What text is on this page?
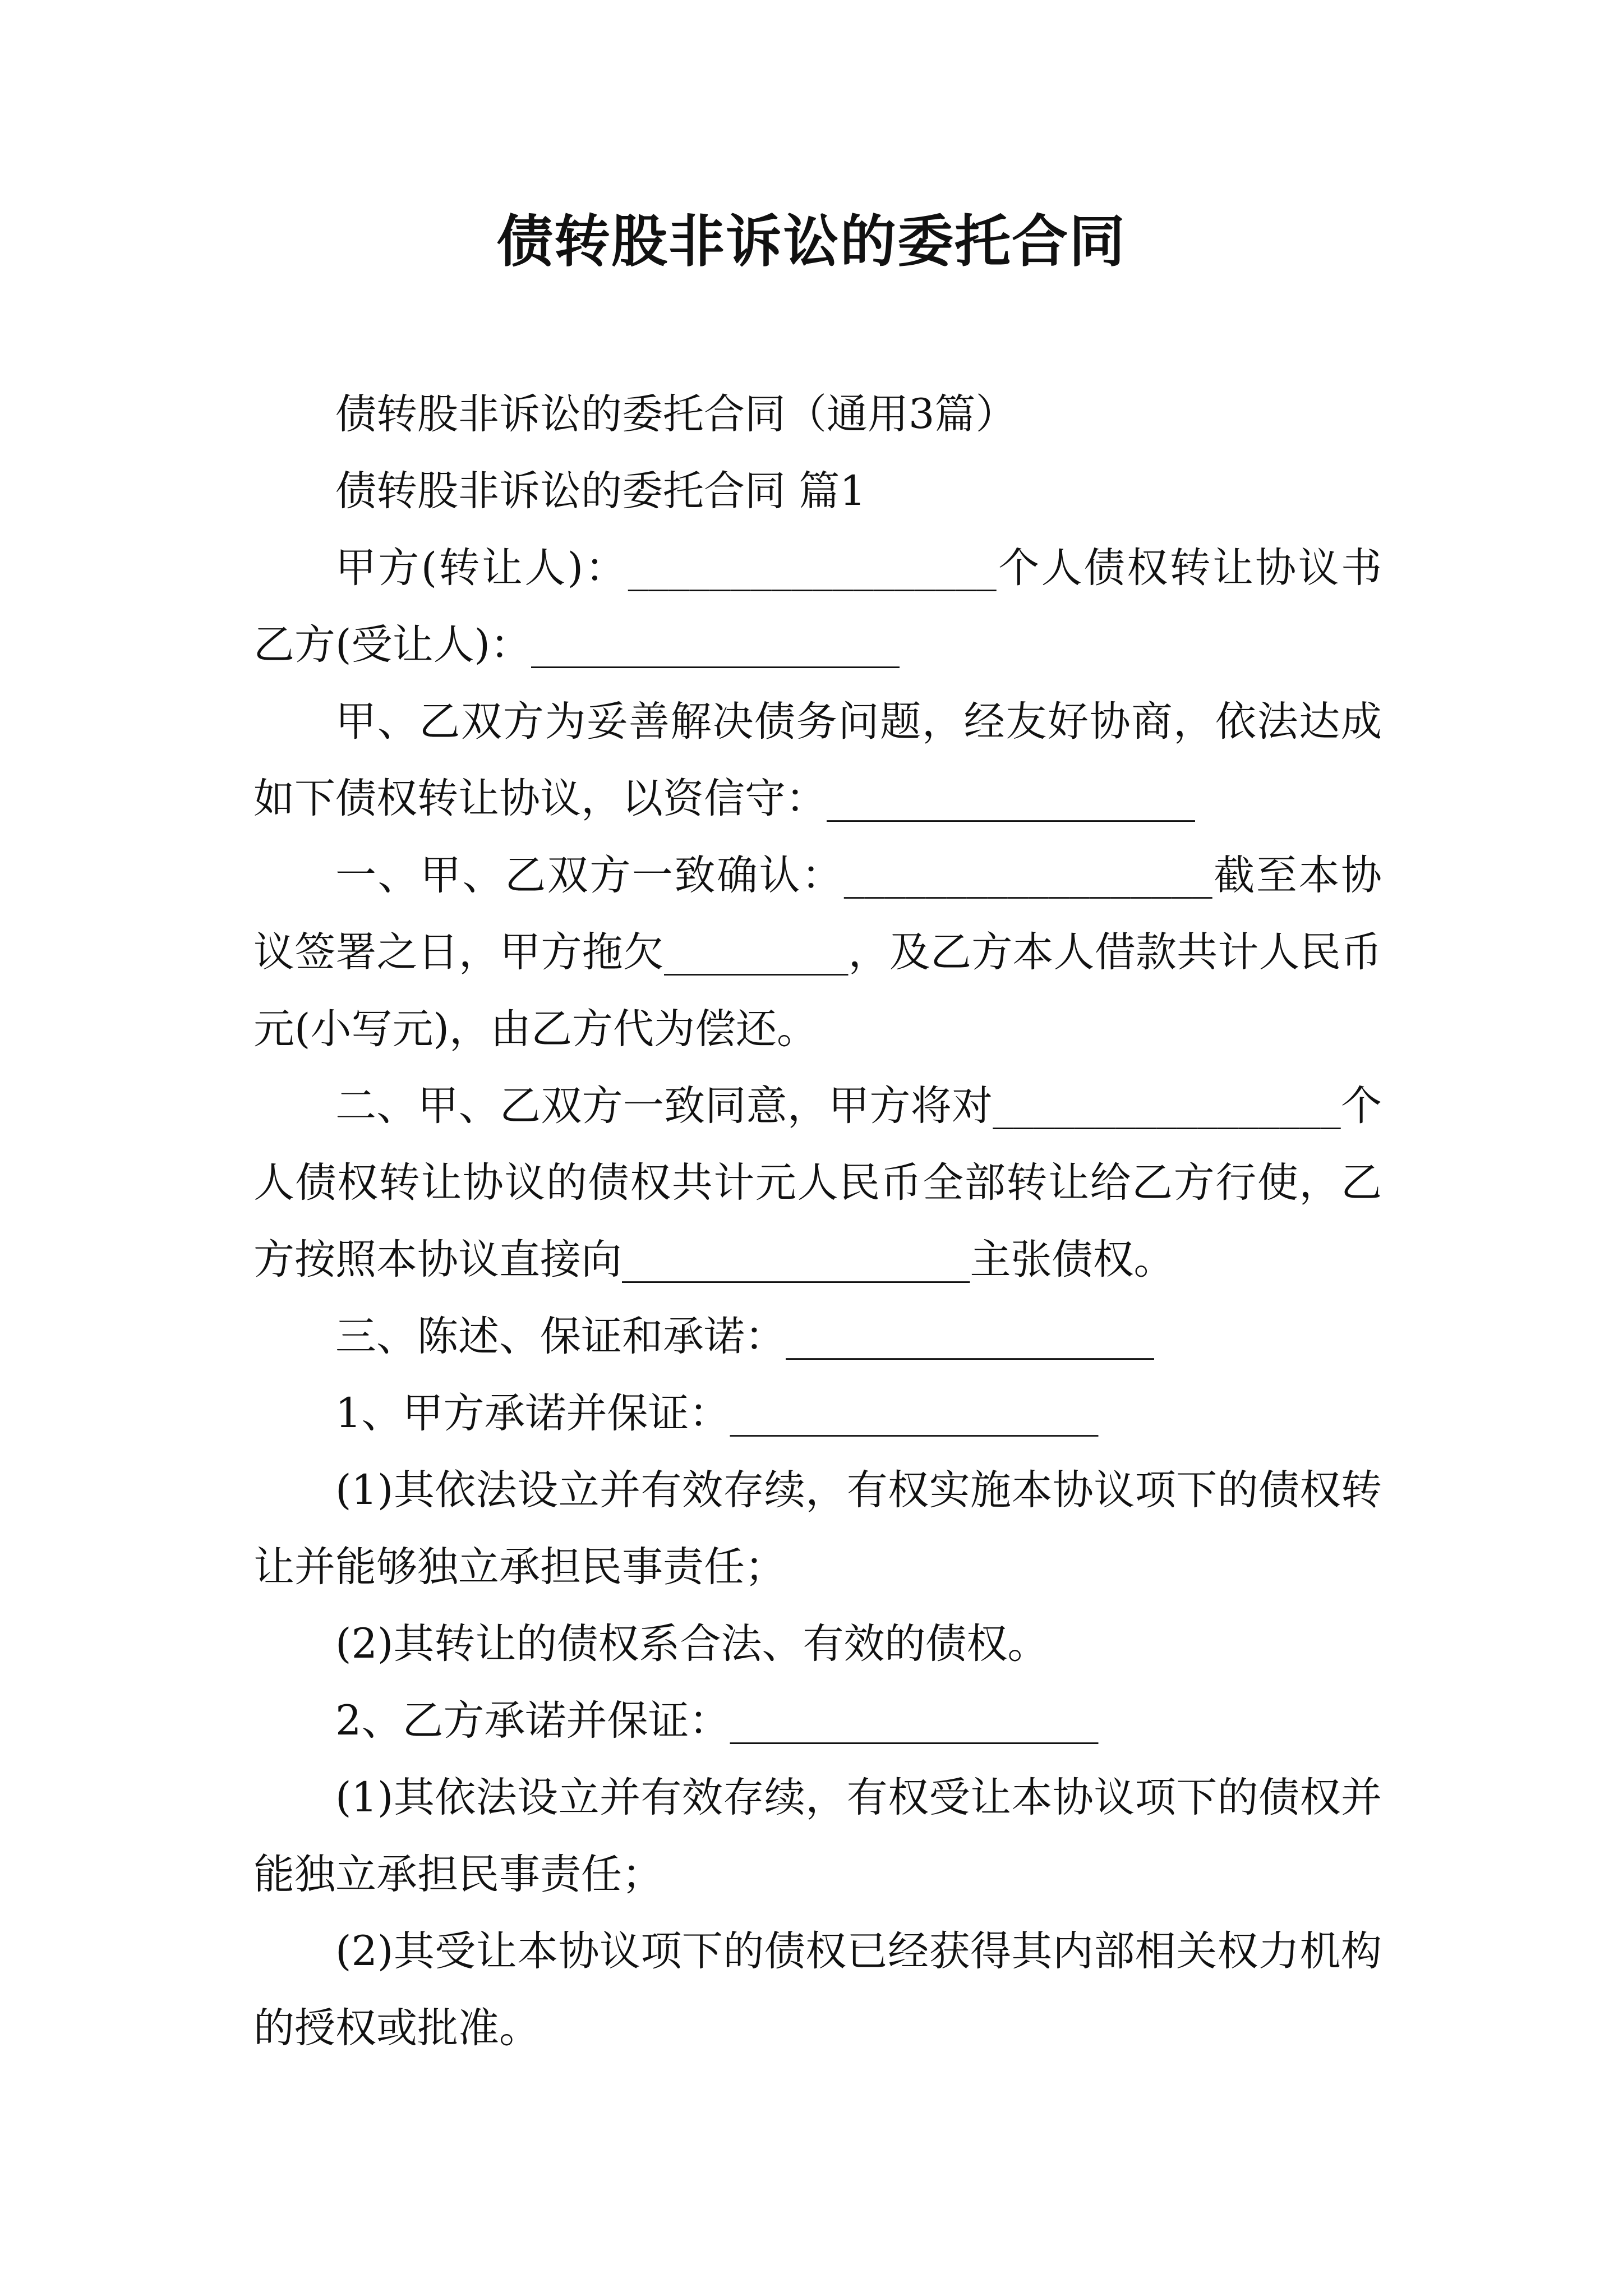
债转股非诉讼的委托合同

债转股非诉讼的委托合同（通用3篇）

债转股非诉讼的委托合同 篇1

甲方(转让人)：__________________个人债权转让协议书乙方(受让人)：__________________

甲、乙双方为妥善解决债务问题，经友好协商，依法达成如下债权转让协议，以资信守：__________________

一、甲、乙双方一致确认：__________________截至本协议签署之日，甲方拖欠_________，及乙方本人借款共计人民币元(小写元)，由乙方代为偿还。

二、甲、乙双方一致同意，甲方将对_________________个人债权转让协议的债权共计元人民币全部转让给乙方行使，乙方按照本协议直接向_________________主张债权。

三、陈述、保证和承诺：__________________

1、甲方承诺并保证：__________________

(1)其依法设立并有效存续，有权实施本协议项下的债权转让并能够独立承担民事责任；

(2)其转让的债权系合法、有效的债权。

2、乙方承诺并保证：__________________

(1)其依法设立并有效存续，有权受让本协议项下的债权并能独立承担民事责任；

(2)其受让本协议项下的债权已经获得其内部相关权力机构的授权或批准。
